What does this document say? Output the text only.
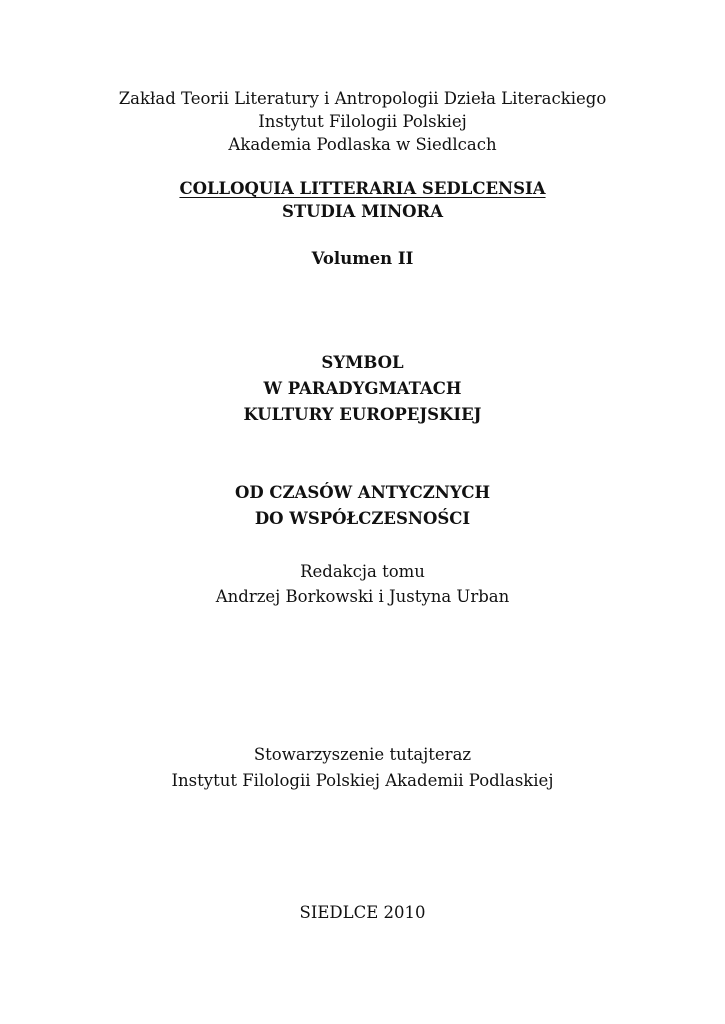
Zakład Teorii Literatury i Antropologii Dzieła Literackiego
Instytut Filologii Polskiej
Akademia Podlaska w Siedlcach
COLLOQUIA LITTERARIA SEDLCENSIA
STUDIA MINORA
Volumen II
SYMBOL
W PARADYGMATACH
KULTURY EUROPEJSKIEJ
OD CZASÓW ANTYCZNYCH
DO WSPÓŁCZESNOŚCI
Redakcja tomu
Andrzej Borkowski i Justyna Urban
Stowarzyszenie tutajteraz
Instytut Filologii Polskiej Akademii Podlaskiej
SIEDLCE 2010
